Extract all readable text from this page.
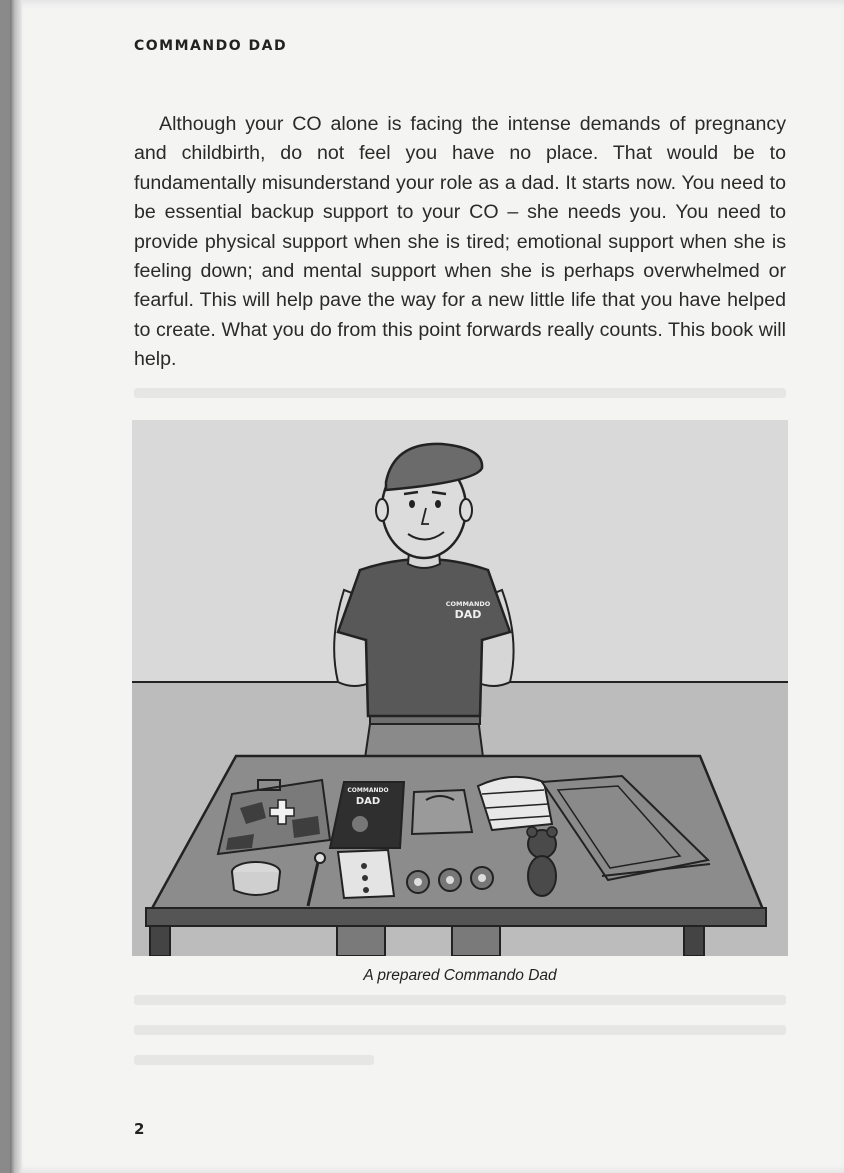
COMMANDO DAD

Although your CO alone is facing the intense demands of pregnancy and childbirth, do not feel you have no place. That would be to fundamentally misunderstand your role as a dad. It starts now. You need to be essential backup support to your CO – she needs you. You need to provide physical support when she is tired; emotional support when she is feeling down; and mental support when she is perhaps overwhelmed or fearful. This will help pave the way for a new little life that you have helped to create. What you do from this point forwards really counts. This book will help.

COMMANDO
DAD
COMMANDO
DAD
A prepared Commando Dad
2
